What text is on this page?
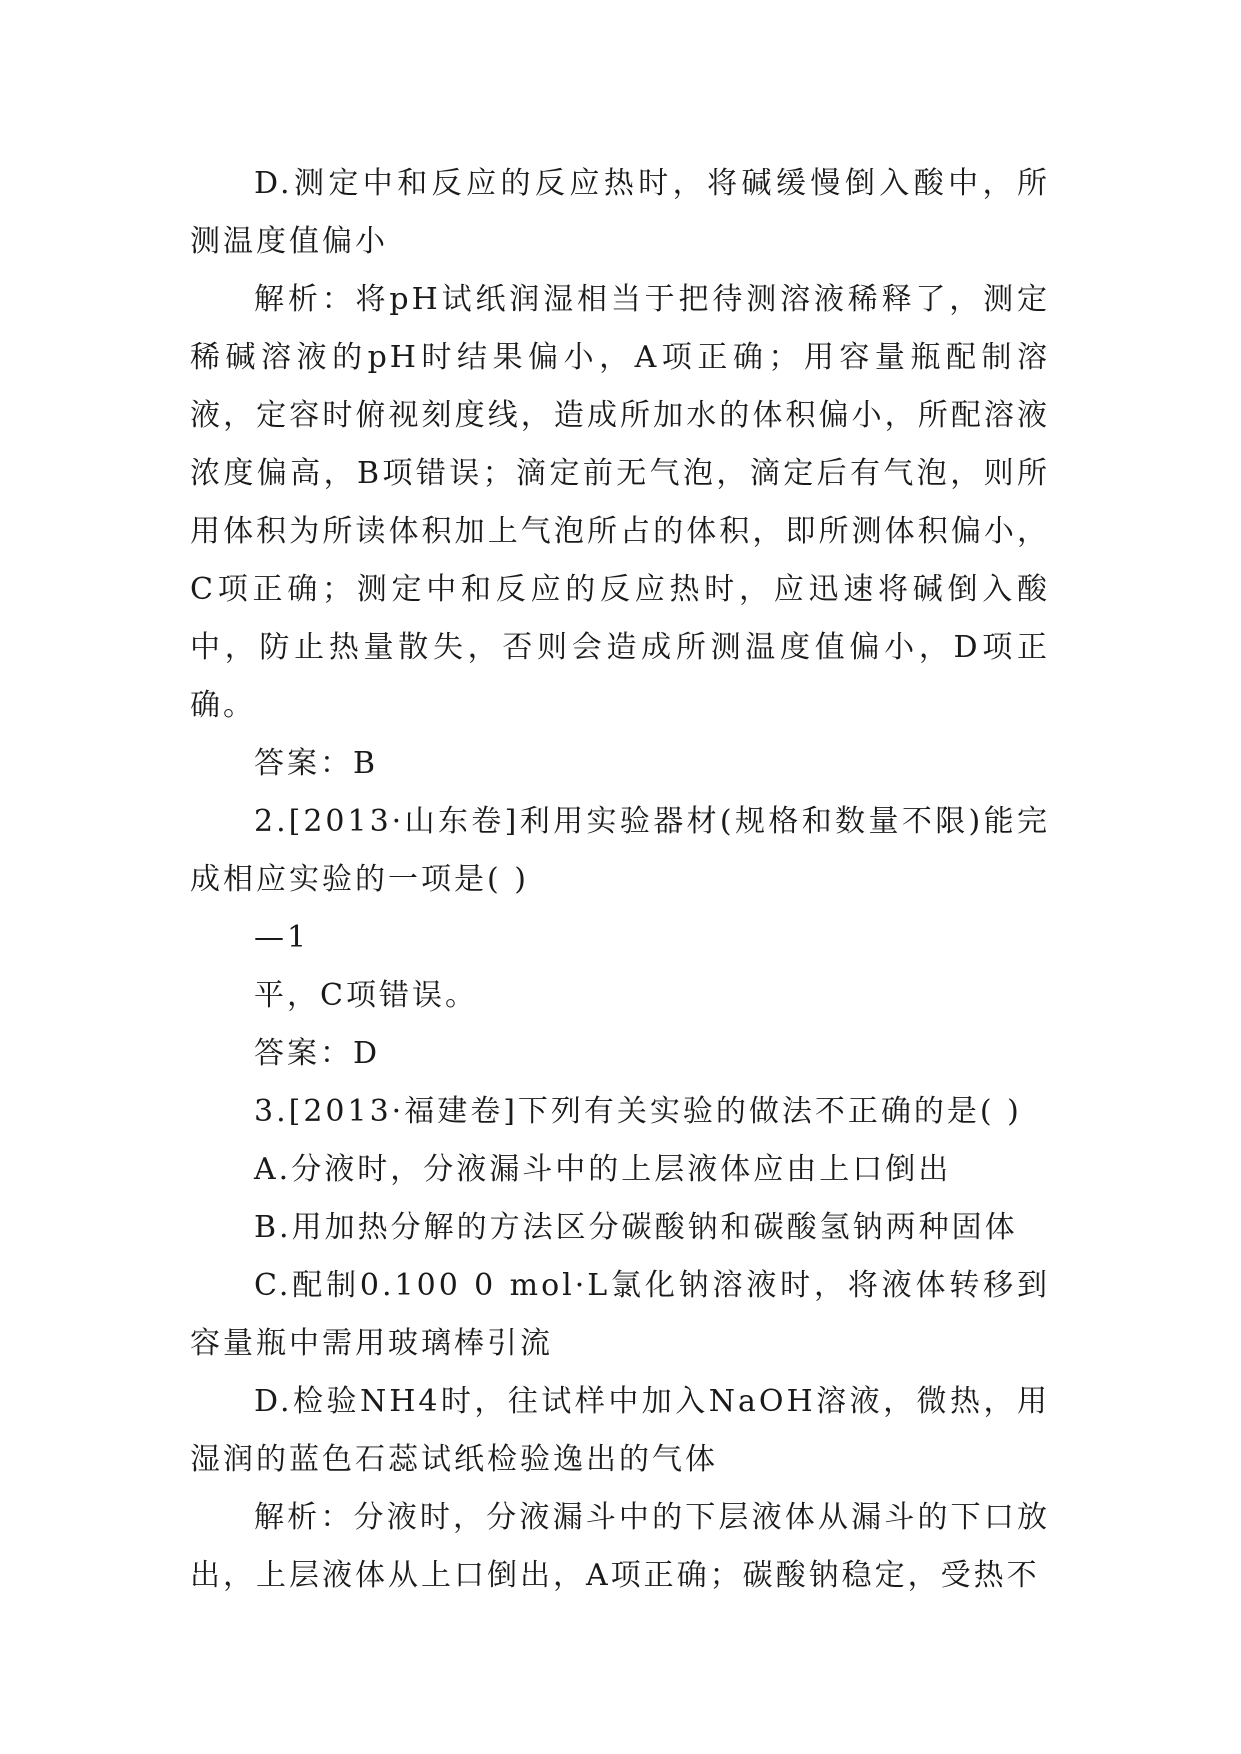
D.测定中和反应的反应热时，将碱缓慢倒入酸中，所测温度值偏小

解析：将pH试纸润湿相当于把待测溶液稀释了，测定稀碱溶液的pH时结果偏小，A项正确；用容量瓶配制溶液，定容时俯视刻度线，造成所加水的体积偏小，所配溶液浓度偏高，B项错误；滴定前无气泡，滴定后有气泡，则所用体积为所读体积加上气泡所占的体积，即所测体积偏小，C项正确；测定中和反应的反应热时，应迅速将碱倒入酸中，防止热量散失，否则会造成所测温度值偏小，D项正确。

答案：B

2.[2013·山东卷]利用实验器材(规格和数量不限)能完成相应实验的一项是( )

—1

平，C项错误。

答案：D

3.[2013·福建卷]下列有关实验的做法不正确的是( )

A.分液时，分液漏斗中的上层液体应由上口倒出

B.用加热分解的方法区分碳酸钠和碳酸氢钠两种固体

C.配制0.100 0 mol·L氯化钠溶液时，将液体转移到容量瓶中需用玻璃棒引流

D.检验NH4时，往试样中加入NaOH溶液，微热，用湿润的蓝色石蕊试纸检验逸出的气体

解析：分液时，分液漏斗中的下层液体从漏斗的下口放出，上层液体从上口倒出，A项正确；碳酸钠稳定，受热不
